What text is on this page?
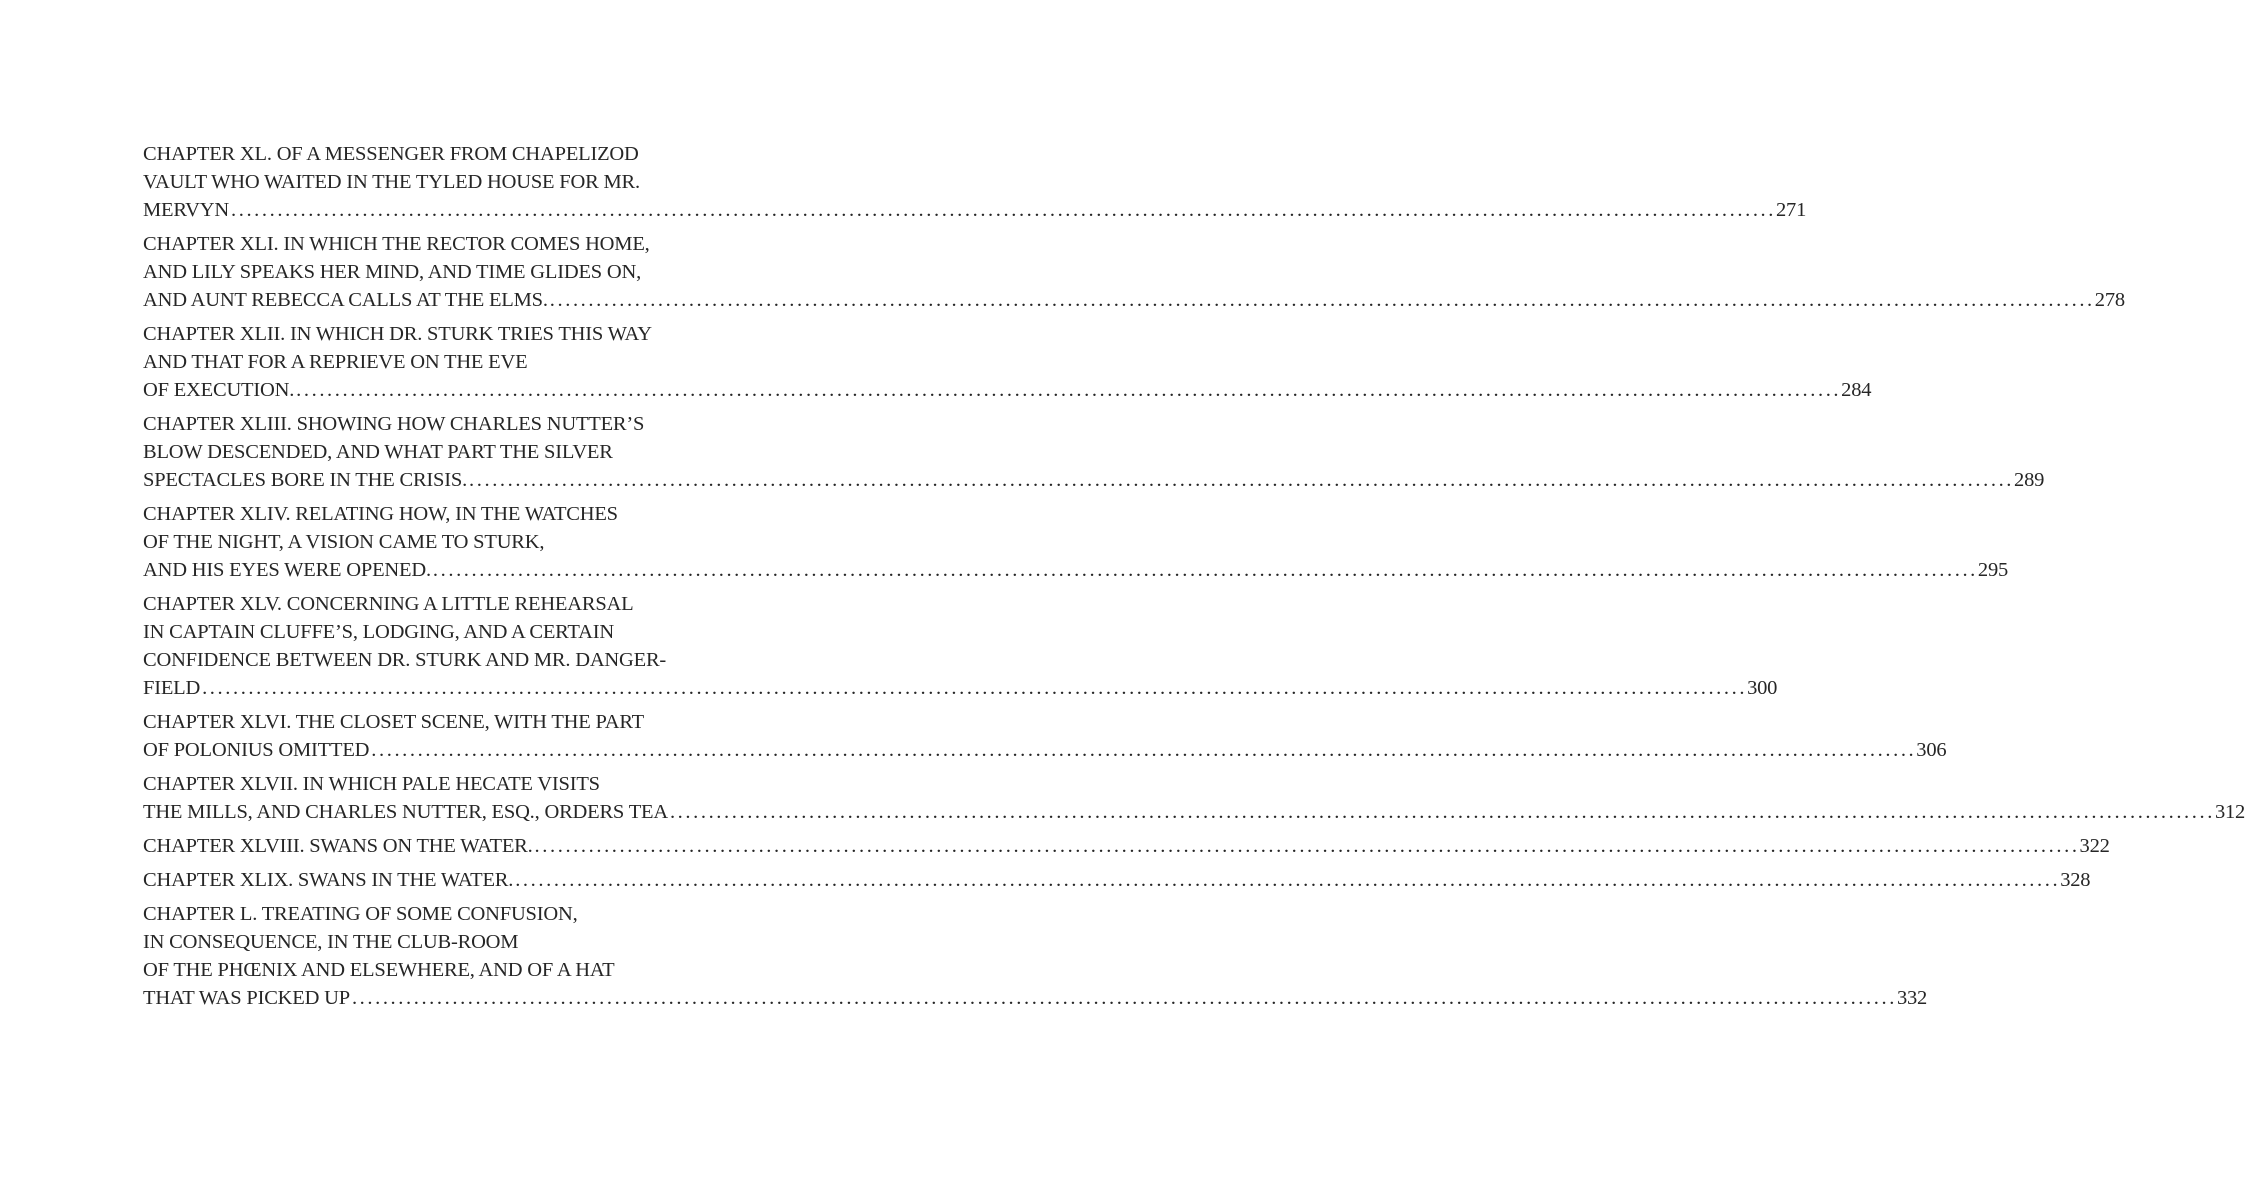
CHAPTER XL. OF A MESSENGER FROM CHAPELIZOD
VAULT WHO WAITED IN THE TYLED HOUSE FOR MR.
MERVYN ........................................................................................................................................................................................................ 271
CHAPTER XLI. IN WHICH THE RECTOR COMES HOME,
AND LILY SPEAKS HER MIND, AND TIME GLIDES ON,
AND AUNT REBECCA CALLS AT THE ELMS. ........................................................................................................................................................................................................ 278
CHAPTER XLII. IN WHICH DR. STURK TRIES THIS WAY
AND THAT FOR A REPRIEVE ON THE EVE
OF EXECUTION. ........................................................................................................................................................................................................ 284
CHAPTER XLIII. SHOWING HOW CHARLES NUTTER’S
BLOW DESCENDED, AND WHAT PART THE SILVER
SPECTACLES BORE IN THE CRISIS. ........................................................................................................................................................................................................ 289
CHAPTER XLIV. RELATING HOW, IN THE WATCHES
OF THE NIGHT, A VISION CAME TO STURK,
AND HIS EYES WERE OPENED. ........................................................................................................................................................................................................ 295
CHAPTER XLV. CONCERNING A LITTLE REHEARSAL
IN CAPTAIN CLUFFE’S, LODGING, AND A CERTAIN
CONFIDENCE BETWEEN DR. STURK AND MR. DANGER-
FIELD ........................................................................................................................................................................................................ 300
CHAPTER XLVI. THE CLOSET SCENE, WITH THE PART
OF POLONIUS OMITTED ........................................................................................................................................................................................................ 306
CHAPTER XLVII. IN WHICH PALE HECATE VISITS
THE MILLS, AND CHARLES NUTTER, ESQ., ORDERS TEA ........................................................................................................................................................................................................ 312
CHAPTER XLVIII. SWANS ON THE WATER. ........................................................................................................................................................................................................ 322
CHAPTER XLIX. SWANS IN THE WATER. ........................................................................................................................................................................................................ 328
CHAPTER L. TREATING OF SOME CONFUSION,
IN CONSEQUENCE, IN THE CLUB-ROOM
OF THE PHŒNIX AND ELSEWHERE, AND OF A HAT
THAT WAS PICKED UP ........................................................................................................................................................................................................ 332
